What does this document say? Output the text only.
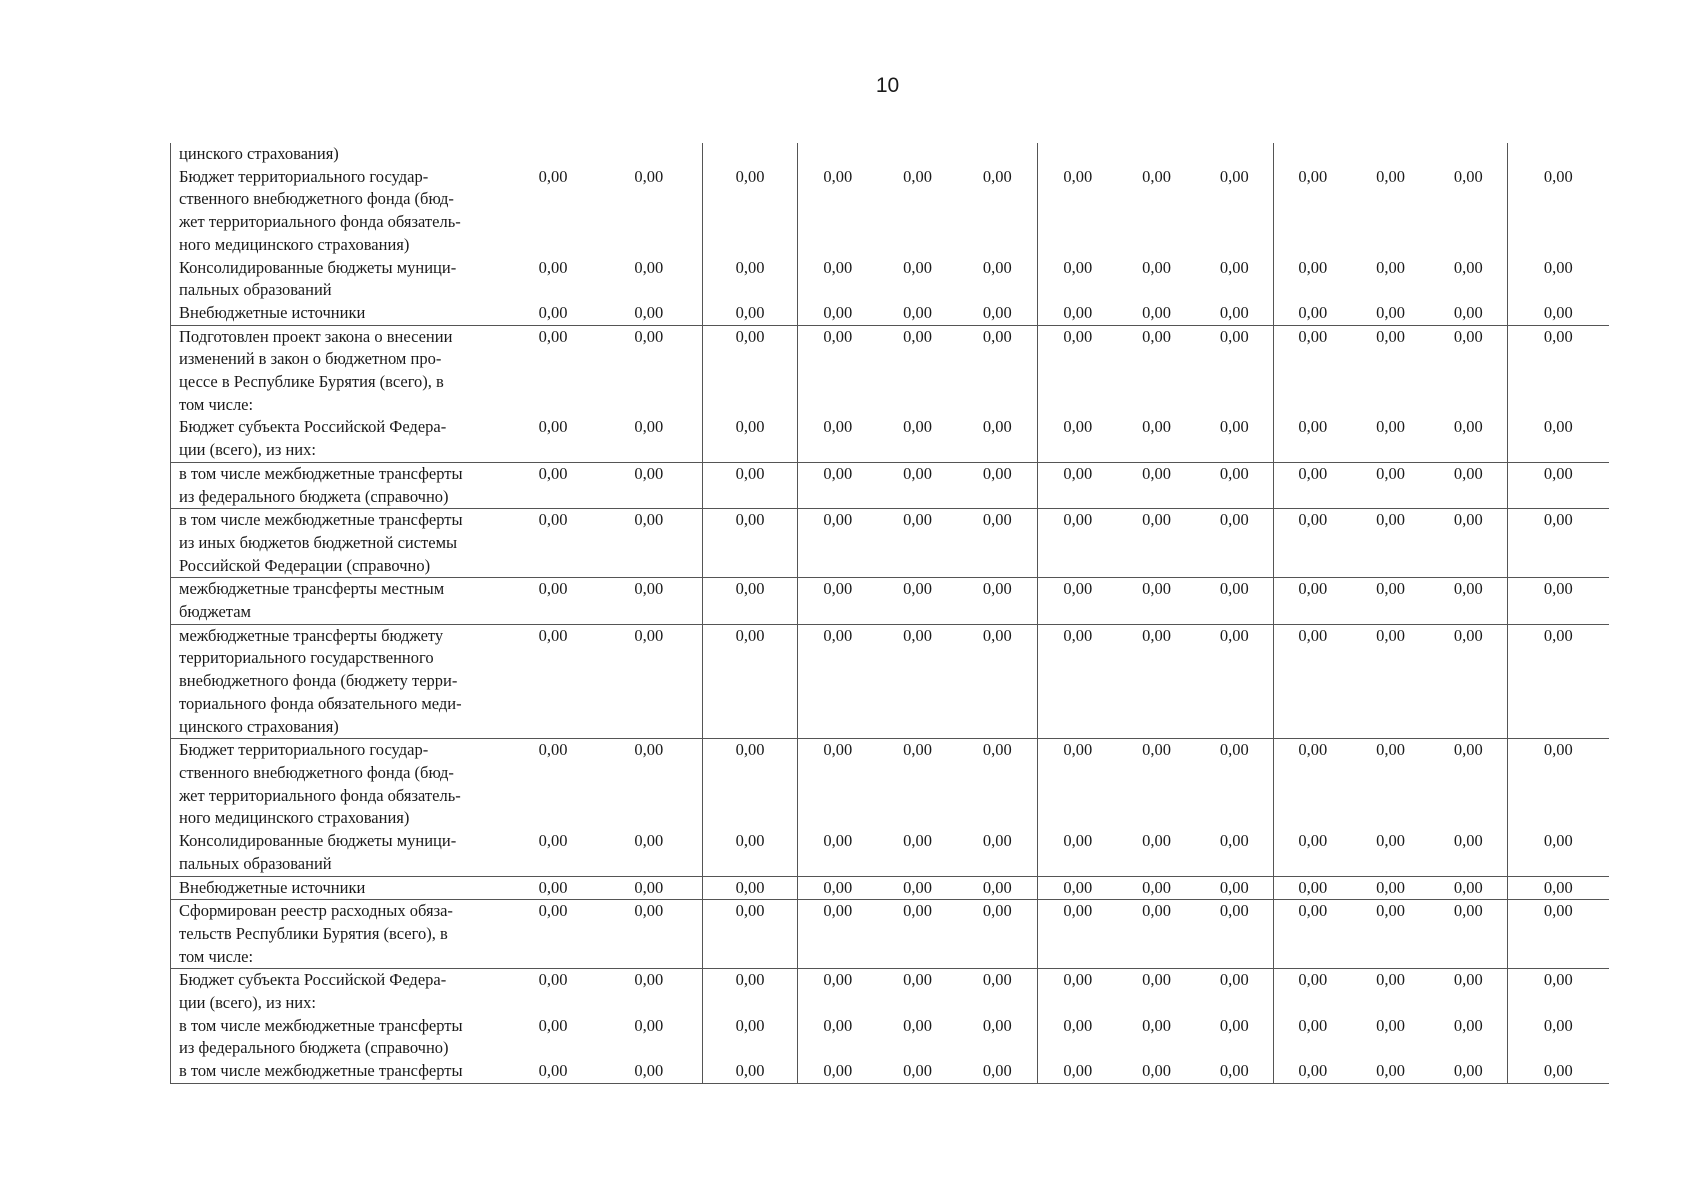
10
цинского страхования)													
Бюджет территориального государ-
ственного внебюджетного фонда (бюд-
жет территориального фонда обязатель-
ного медицинского страхования)	0,00	0,00	0,00	0,00	0,00	0,00	0,00	0,00	0,00	0,00	0,00	0,00	0,00
Консолидированные бюджеты муници-
пальных образований	0,00	0,00	0,00	0,00	0,00	0,00	0,00	0,00	0,00	0,00	0,00	0,00	0,00
Внебюджетные источники	0,00	0,00	0,00	0,00	0,00	0,00	0,00	0,00	0,00	0,00	0,00	0,00	0,00
Подготовлен проект закона о внесении
изменений в закон о бюджетном про-
цессе в Республике Бурятия (всего), в
том числе:	0,00	0,00	0,00	0,00	0,00	0,00	0,00	0,00	0,00	0,00	0,00	0,00	0,00
Бюджет субъекта Российской Федера-
ции (всего), из них:	0,00	0,00	0,00	0,00	0,00	0,00	0,00	0,00	0,00	0,00	0,00	0,00	0,00
в том числе межбюджетные трансферты
из федерального бюджета (справочно)	0,00	0,00	0,00	0,00	0,00	0,00	0,00	0,00	0,00	0,00	0,00	0,00	0,00
в том числе межбюджетные трансферты
из иных бюджетов бюджетной системы
Российской Федерации (справочно)	0,00	0,00	0,00	0,00	0,00	0,00	0,00	0,00	0,00	0,00	0,00	0,00	0,00
межбюджетные трансферты местным
бюджетам	0,00	0,00	0,00	0,00	0,00	0,00	0,00	0,00	0,00	0,00	0,00	0,00	0,00
межбюджетные трансферты бюджету
территориального государственного
внебюджетного фонда (бюджету терри-
ториального фонда обязательного меди-
цинского страхования)	0,00	0,00	0,00	0,00	0,00	0,00	0,00	0,00	0,00	0,00	0,00	0,00	0,00
Бюджет территориального государ-
ственного внебюджетного фонда (бюд-
жет территориального фонда обязатель-
ного медицинского страхования)	0,00	0,00	0,00	0,00	0,00	0,00	0,00	0,00	0,00	0,00	0,00	0,00	0,00
Консолидированные бюджеты муници-
пальных образований	0,00	0,00	0,00	0,00	0,00	0,00	0,00	0,00	0,00	0,00	0,00	0,00	0,00
Внебюджетные источники	0,00	0,00	0,00	0,00	0,00	0,00	0,00	0,00	0,00	0,00	0,00	0,00	0,00
Сформирован реестр расходных обяза-
тельств Республики Бурятия (всего), в
том числе:	0,00	0,00	0,00	0,00	0,00	0,00	0,00	0,00	0,00	0,00	0,00	0,00	0,00
Бюджет субъекта Российской Федера-
ции (всего), из них:	0,00	0,00	0,00	0,00	0,00	0,00	0,00	0,00	0,00	0,00	0,00	0,00	0,00
в том числе межбюджетные трансферты
из федерального бюджета (справочно)	0,00	0,00	0,00	0,00	0,00	0,00	0,00	0,00	0,00	0,00	0,00	0,00	0,00
в том числе межбюджетные трансферты	0,00	0,00	0,00	0,00	0,00	0,00	0,00	0,00	0,00	0,00	0,00	0,00	0,00
